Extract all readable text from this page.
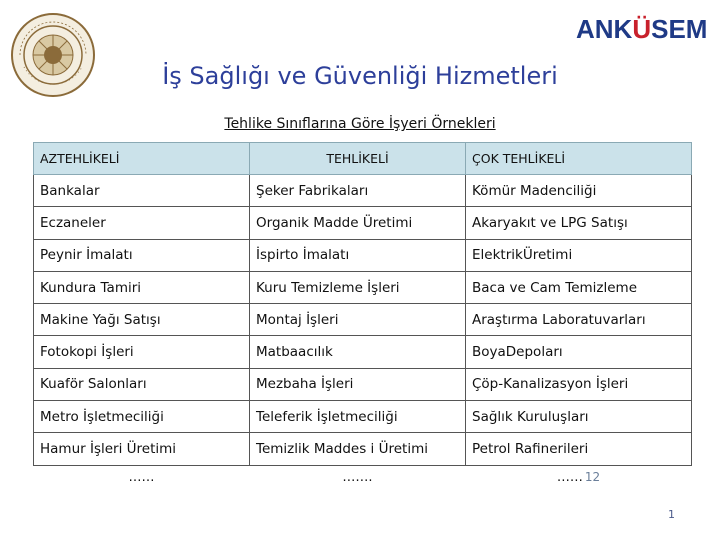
ANKÜSEM
İş Sağlığı ve Güvenliği Hizmetleri
Tehlike Sınıflarına Göre İşyeri Örnekleri
AZTEHLİKELİ	TEHLİKELİ	ÇOK TEHLİKELİ
Bankalar	Şeker Fabrikaları	Kömür Madenciliği
Eczaneler	Organik Madde Üretimi	Akaryakıt ve LPG Satışı
Peynir İmalatı	İspirto İmalatı	ElektrikÜretimi
Kundura Tamiri	Kuru Temizleme İşleri	Baca ve Cam Temizleme
Makine Yağı Satışı	Montaj İşleri	Araştırma Laboratuvarları
Fotokopi İşleri	Matbaacılık	BoyaDepoları
Kuaför Salonları	Mezbaha İşleri	Çöp-Kanalizasyon İşleri
Metro İşletmeciliği	Teleferik İşletmeciliği	Sağlık Kuruluşları
Hamur İşleri Üretimi	Temizlik Maddes i Üretimi	Petrol Rafinerileri
……	…….	…… 12
1
